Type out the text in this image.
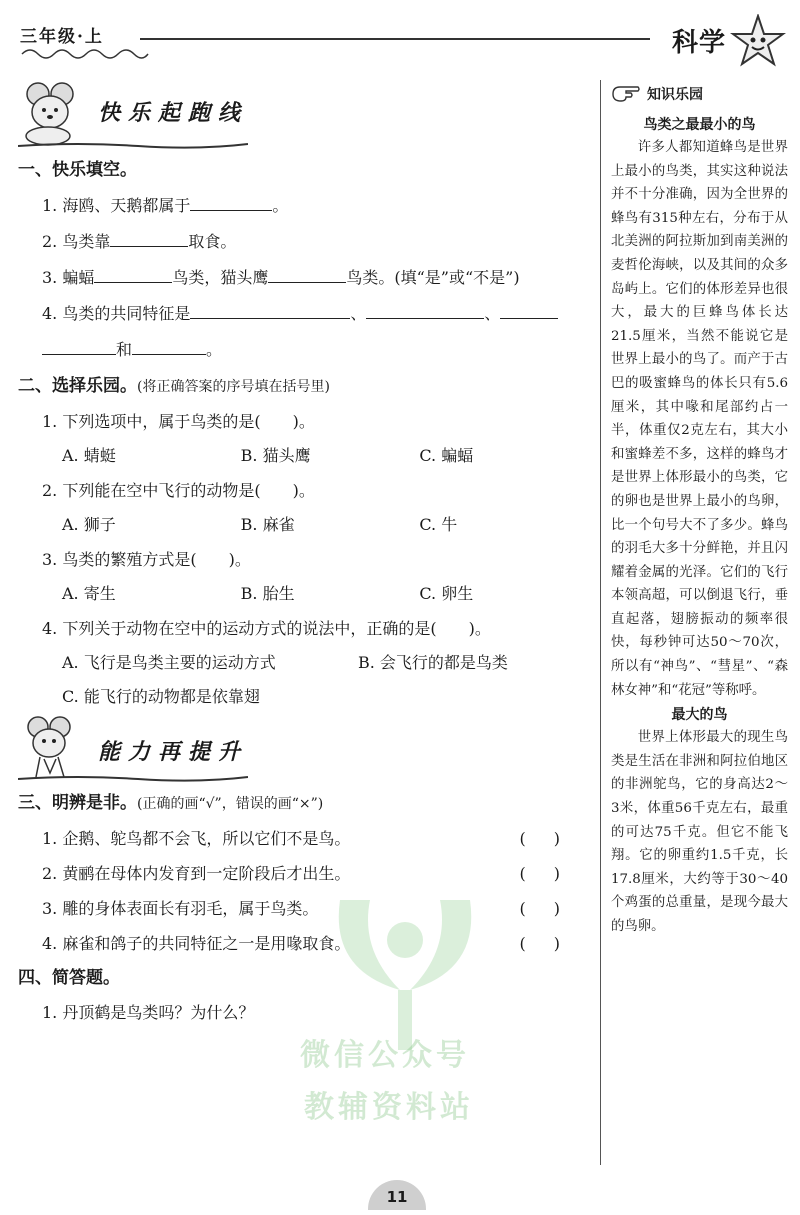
三年级·上	科学
快乐起跑线
一、快乐填空。
1. 海鸥、天鹅都属于	。
2. 鸟类靠	取食。
3. 蝙蝠	鸟类，猫头鹰	鸟类。(填“是”或“不是”)
4. 鸟类的共同特征是	、	、
和	。
二、选择乐园。(将正确答案的序号填在括号里)
1. 下列选项中，属于鸟类的是(　　)。
A. 蜻蜓	B. 猫头鹰	C. 蝙蝠
2. 下列能在空中飞行的动物是(　　)。
A. 狮子	B. 麻雀	C. 牛
3. 鸟类的繁殖方式是(　　)。
A. 寄生	B. 胎生	C. 卵生
4. 下列关于动物在空中的运动方式的说法中，正确的是(　　)。
A. 飞行是鸟类主要的运动方式	B. 会飞行的都是鸟类
C. 能飞行的动物都是依靠翅
能力再提升
三、明辨是非。(正确的画“√”，错误的画“×”)
1. 企鹅、鸵鸟都不会飞，所以它们不是鸟。	()
2. 黄鹂在母体内发育到一定阶段后才出生。	()
3. 雕的身体表面长有羽毛，属于鸟类。	()
4. 麻雀和鸽子的共同特征之一是用喙取食。	()
四、简答题。
1. 丹顶鹤是鸟类吗？为什么？
知识乐园
鸟类之最最小的鸟
许多人都知道蜂鸟是世界上最小的鸟类，其实这种说法并不十分准确，因为全世界的蜂鸟有315种左右，分布于从北美洲的阿拉斯加到南美洲的麦哲伦海峡，以及其间的众多岛屿上。它们的体形差异也很大，最大的巨蜂鸟体长达21.5厘米，当然不能说它是世界上最小的鸟了。而产于古巴的吸蜜蜂鸟的体长只有5.6厘米，其中喙和尾部约占一半，体重仅2克左右，其大小和蜜蜂差不多，这样的蜂鸟才是世界上体形最小的鸟类，它的卵也是世界上最小的鸟卵，比一个句号大不了多少。蜂鸟的羽毛大多十分鲜艳，并且闪耀着金属的光泽。它们的飞行本领高超，可以倒退飞行，垂直起落，翅膀振动的频率很快，每秒钟可达50～70次，所以有“神鸟”、“彗星”、“森林女神”和“花冠”等称呼。
最大的鸟
世界上体形最大的现生鸟类是生活在非洲和阿拉伯地区的非洲鸵鸟，它的身高达2～3米，体重56千克左右，最重的可达75千克。但它不能飞翔。它的卵重约1.5千克，长17.8厘米，大约等于30～40个鸡蛋的总重量，是现今最大的鸟卵。
微信公众号
教辅资料站
11
